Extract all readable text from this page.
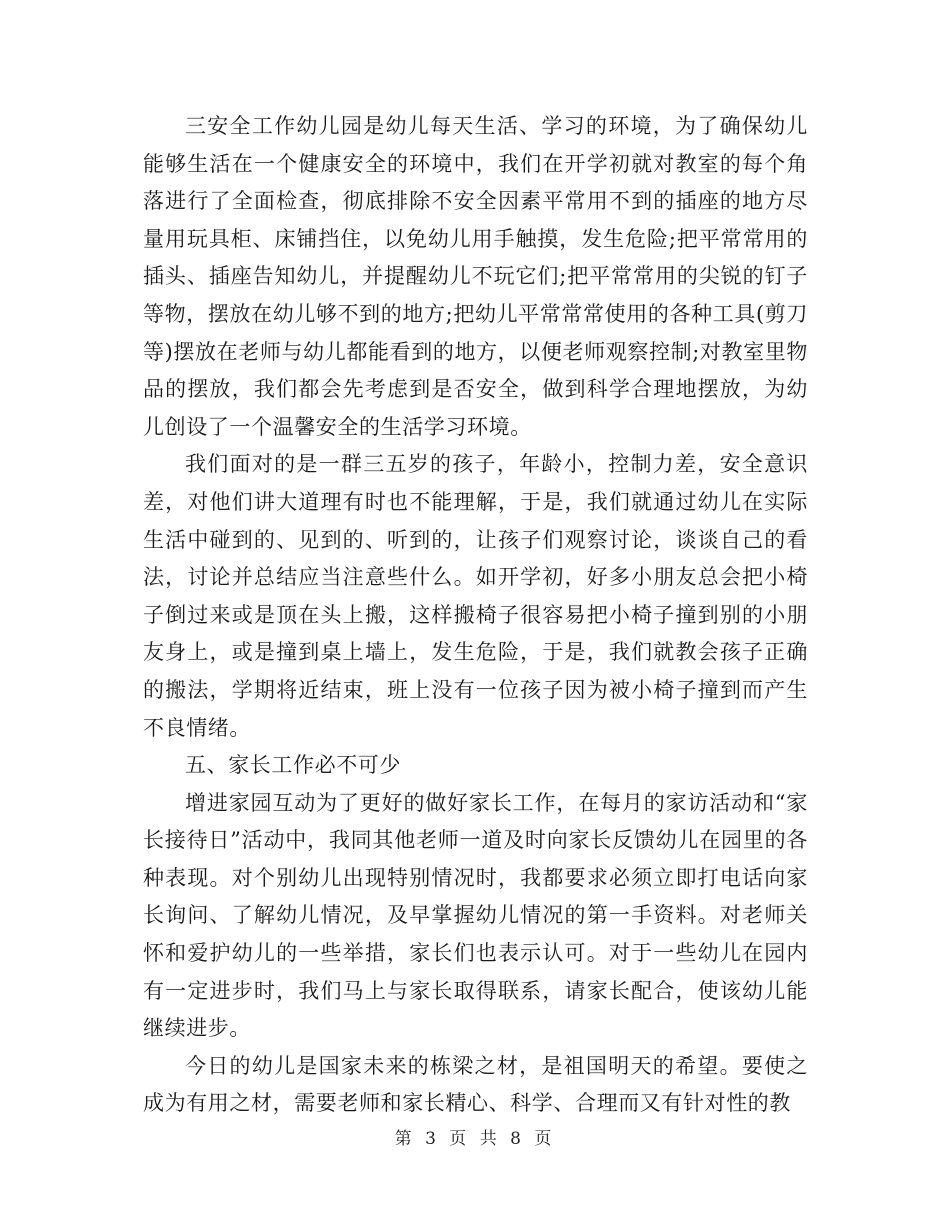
三安全工作幼儿园是幼儿每天生活、学习的环境，为了确保幼儿能够生活在一个健康安全的环境中，我们在开学初就对教室的每个角落进行了全面检查，彻底排除不安全因素平常用不到的插座的地方尽量用玩具柜、床铺挡住，以免幼儿用手触摸，发生危险;把平常常用的插头、插座告知幼儿，并提醒幼儿不玩它们;把平常常用的尖锐的钉子等物，摆放在幼儿够不到的地方;把幼儿平常常常使用的各种工具(剪刀等)摆放在老师与幼儿都能看到的地方，以便老师观察控制;对教室里物品的摆放，我们都会先考虑到是否安全，做到科学合理地摆放，为幼儿创设了一个温馨安全的生活学习环境。

我们面对的是一群三五岁的孩子，年龄小，控制力差，安全意识差，对他们讲大道理有时也不能理解，于是，我们就通过幼儿在实际生活中碰到的、见到的、听到的，让孩子们观察讨论，谈谈自己的看法，讨论并总结应当注意些什么。如开学初，好多小朋友总会把小椅子倒过来或是顶在头上搬，这样搬椅子很容易把小椅子撞到别的小朋友身上，或是撞到桌上墙上，发生危险，于是，我们就教会孩子正确的搬法，学期将近结束，班上没有一位孩子因为被小椅子撞到而产生不良情绪。

五、家长工作必不可少

增进家园互动为了更好的做好家长工作，在每月的家访活动和“家长接待日”活动中，我同其他老师一道及时向家长反馈幼儿在园里的各种表现。对个别幼儿出现特别情况时，我都要求必须立即打电话向家长询问、了解幼儿情况，及早掌握幼儿情况的第一手资料。对老师关怀和爱护幼儿的一些举措，家长们也表示认可。对于一些幼儿在园内有一定进步时，我们马上与家长取得联系，请家长配合，使该幼儿能继续进步。

今日的幼儿是国家未来的栋梁之材，是祖国明天的希望。要使之成为有用之材，需要老师和家长精心、科学、合理而又有针对性的教

第 3 页 共 8 页
